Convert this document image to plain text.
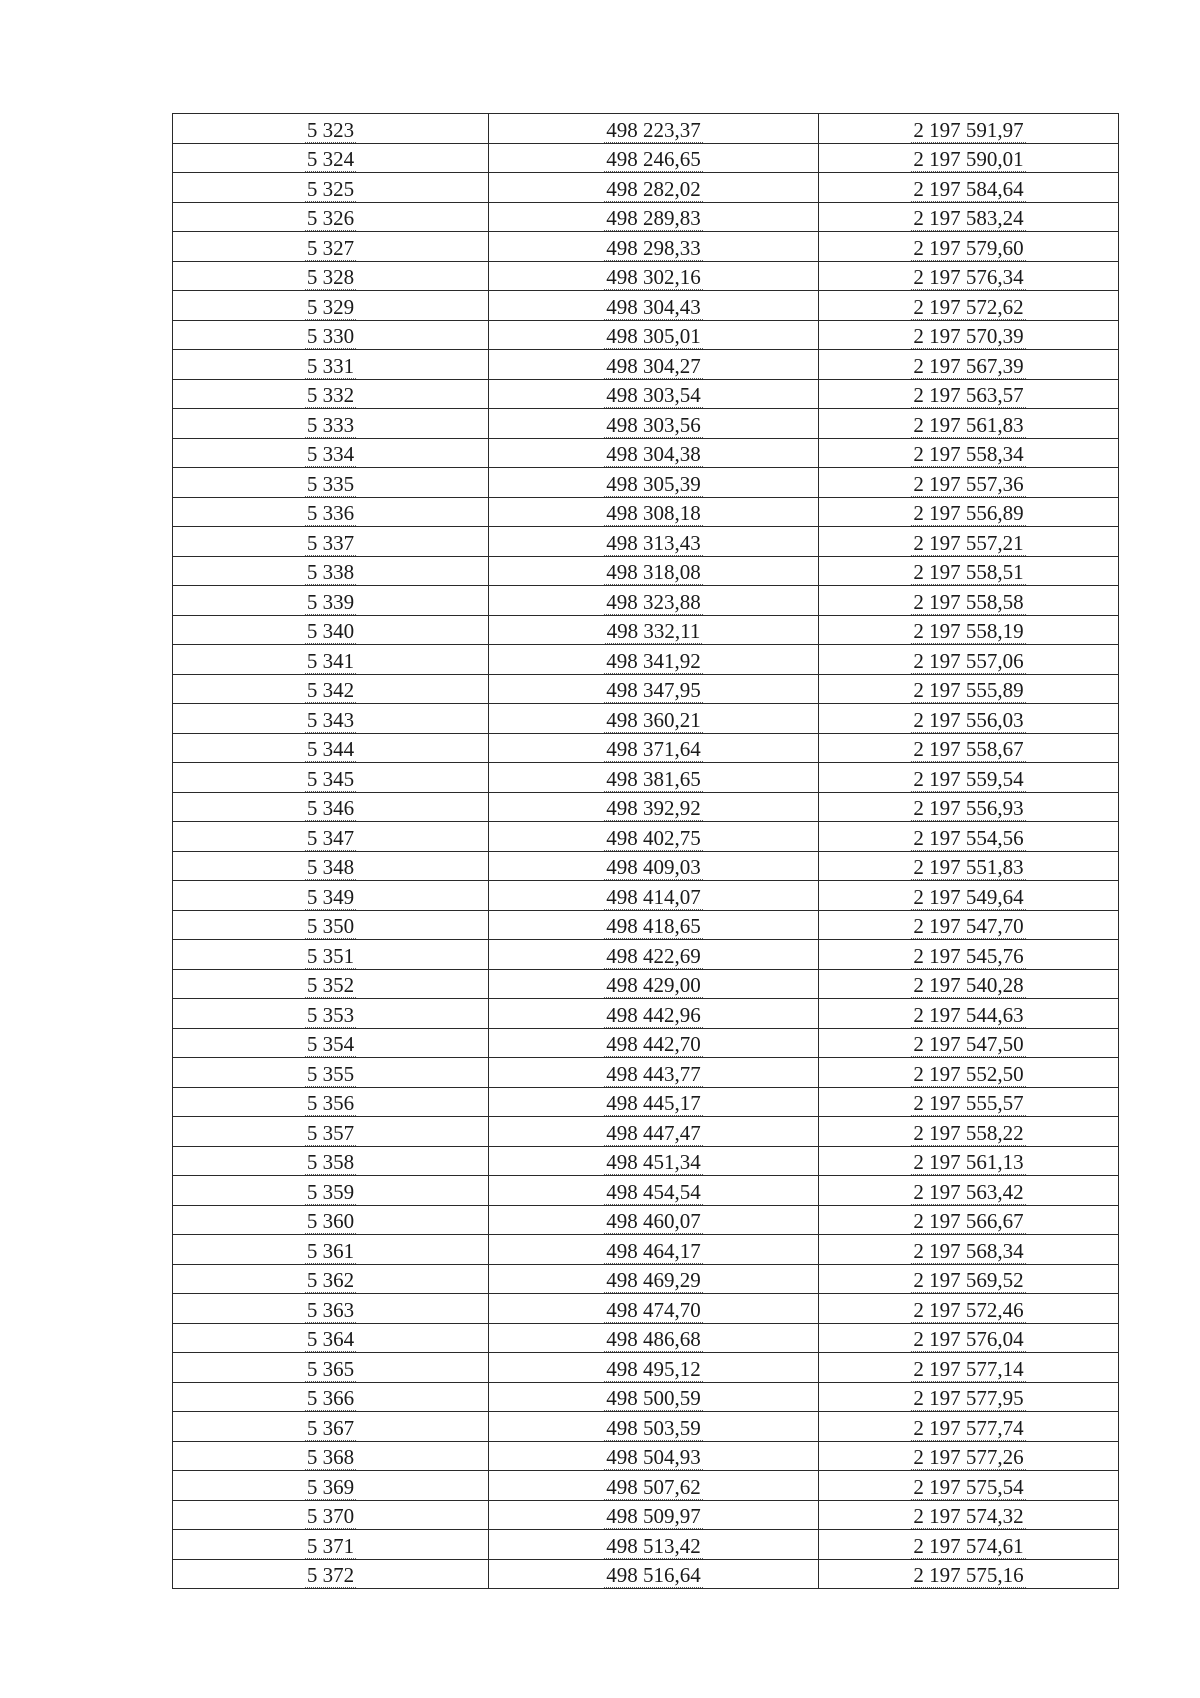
5 323	498 223,37	2 197 591,97
5 324	498 246,65	2 197 590,01
5 325	498 282,02	2 197 584,64
5 326	498 289,83	2 197 583,24
5 327	498 298,33	2 197 579,60
5 328	498 302,16	2 197 576,34
5 329	498 304,43	2 197 572,62
5 330	498 305,01	2 197 570,39
5 331	498 304,27	2 197 567,39
5 332	498 303,54	2 197 563,57
5 333	498 303,56	2 197 561,83
5 334	498 304,38	2 197 558,34
5 335	498 305,39	2 197 557,36
5 336	498 308,18	2 197 556,89
5 337	498 313,43	2 197 557,21
5 338	498 318,08	2 197 558,51
5 339	498 323,88	2 197 558,58
5 340	498 332,11	2 197 558,19
5 341	498 341,92	2 197 557,06
5 342	498 347,95	2 197 555,89
5 343	498 360,21	2 197 556,03
5 344	498 371,64	2 197 558,67
5 345	498 381,65	2 197 559,54
5 346	498 392,92	2 197 556,93
5 347	498 402,75	2 197 554,56
5 348	498 409,03	2 197 551,83
5 349	498 414,07	2 197 549,64
5 350	498 418,65	2 197 547,70
5 351	498 422,69	2 197 545,76
5 352	498 429,00	2 197 540,28
5 353	498 442,96	2 197 544,63
5 354	498 442,70	2 197 547,50
5 355	498 443,77	2 197 552,50
5 356	498 445,17	2 197 555,57
5 357	498 447,47	2 197 558,22
5 358	498 451,34	2 197 561,13
5 359	498 454,54	2 197 563,42
5 360	498 460,07	2 197 566,67
5 361	498 464,17	2 197 568,34
5 362	498 469,29	2 197 569,52
5 363	498 474,70	2 197 572,46
5 364	498 486,68	2 197 576,04
5 365	498 495,12	2 197 577,14
5 366	498 500,59	2 197 577,95
5 367	498 503,59	2 197 577,74
5 368	498 504,93	2 197 577,26
5 369	498 507,62	2 197 575,54
5 370	498 509,97	2 197 574,32
5 371	498 513,42	2 197 574,61
5 372	498 516,64	2 197 575,16
